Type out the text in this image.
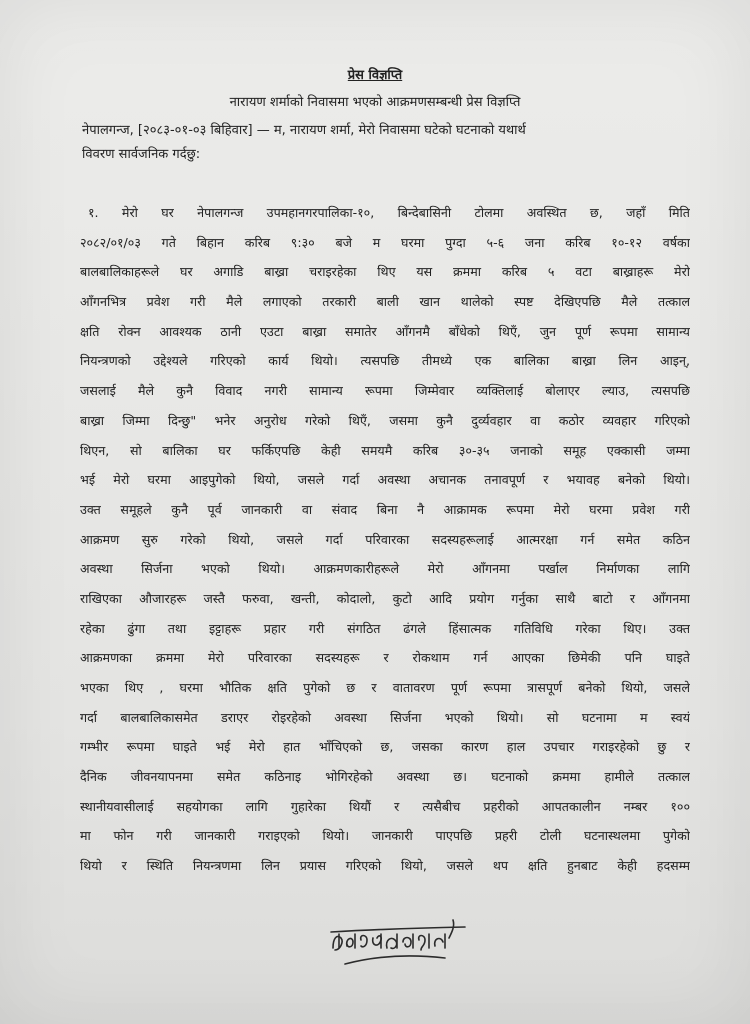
प्रेस विज्ञप्ति
नारायण शर्माको निवासमा भएको आक्रमणसम्बन्धी प्रेस विज्ञप्ति
नेपालगन्ज, [२०८३-०१-०३ बिहिवार] — म, नारायण शर्मा, मेरो निवासमा घटेको घटनाको यथार्थ
विवरण सार्वजनिक गर्दछु:
१. मेरो घर नेपालगन्ज उपमहानगरपालिका-१०, बिन्देबासिनी टोलमा अवस्थित छ, जहाँ मिति
२०८२/०१/०३ गते बिहान करिब ९:३० बजे म घरमा पुग्दा ५-६ जना करिब १०-१२ वर्षका
बालबालिकाहरूले घर अगाडि बाख्रा चराइरहेका थिए यस क्रममा करिब ५ वटा बाख्राहरू मेरो
आँगनभित्र प्रवेश गरी मैले लगाएको तरकारी बाली खान थालेको स्पष्ट देखिएपछि मैले तत्काल
क्षति रोक्न आवश्यक ठानी एउटा बाख्रा समातेर आँगनमै बाँधेको थिएँ, जुन पूर्ण रूपमा सामान्य
नियन्त्रणको उद्देश्यले गरिएको कार्य थियो। त्यसपछि तीमध्ये एक बालिका बाख्रा लिन आइन्,
जसलाई मैले कुनै विवाद नगरी सामान्य रूपमा जिम्मेवार व्यक्तिलाई बोलाएर ल्याउ, त्यसपछि
बाख्रा जिम्मा दिन्छु" भनेर अनुरोध गरेको थिएँ, जसमा कुनै दुर्व्यवहार वा कठोर व्यवहार गरिएको
थिएन, सो बालिका घर फर्किएपछि केही समयमै करिब ३०-३५ जनाको समूह एक्कासी जम्मा
भई मेरो घरमा आइपुगेको थियो, जसले गर्दा अवस्था अचानक तनावपूर्ण र भयावह बनेको थियो।
उक्त समूहले कुनै पूर्व जानकारी वा संवाद बिना नै आक्रामक रूपमा मेरो घरमा प्रवेश गरी
आक्रमण सुरु गरेको थियो, जसले गर्दा परिवारका सदस्यहरूलाई आत्मरक्षा गर्न समेत कठिन
अवस्था सिर्जना भएको थियो। आक्रमणकारीहरूले मेरो आँगनमा पर्खाल निर्माणका लागि
राखिएका औजारहरू जस्तै फरुवा, खन्ती, कोदालो, कुटो आदि प्रयोग गर्नुका साथै बाटो र आँगनमा
रहेका ढुंगा तथा इट्टाहरू प्रहार गरी संगठित ढंगले हिंसात्मक गतिविधि गरेका थिए। उक्त
आक्रमणका क्रममा मेरो परिवारका सदस्यहरू र रोकथाम गर्न आएका छिमेकी पनि घाइते
भएका थिए , घरमा भौतिक क्षति पुगेको छ र वातावरण पूर्ण रूपमा त्रासपूर्ण बनेको थियो, जसले
गर्दा बालबालिकासमेत डराएर रोइरहेको अवस्था सिर्जना भएको थियो। सो घटनामा म स्वयं
गम्भीर रूपमा घाइते भई मेरो हात भाँचिएको छ, जसका कारण हाल उपचार गराइरहेको छु र
दैनिक जीवनयापनमा समेत कठिनाइ भोगिरहेको अवस्था छ। घटनाको क्रममा हामीले तत्काल
स्थानीयवासीलाई सहयोगका लागि गुहारेका थियौं र त्यसैबीच प्रहरीको आपतकालीन नम्बर १००
मा फोन गरी जानकारी गराइएको थियो। जानकारी पाएपछि प्रहरी टोली घटनास्थलमा पुगेको
थियो र स्थिति नियन्त्रणमा लिन प्रयास गरिएको थियो, जसले थप क्षति हुनबाट केही हदसम्म
